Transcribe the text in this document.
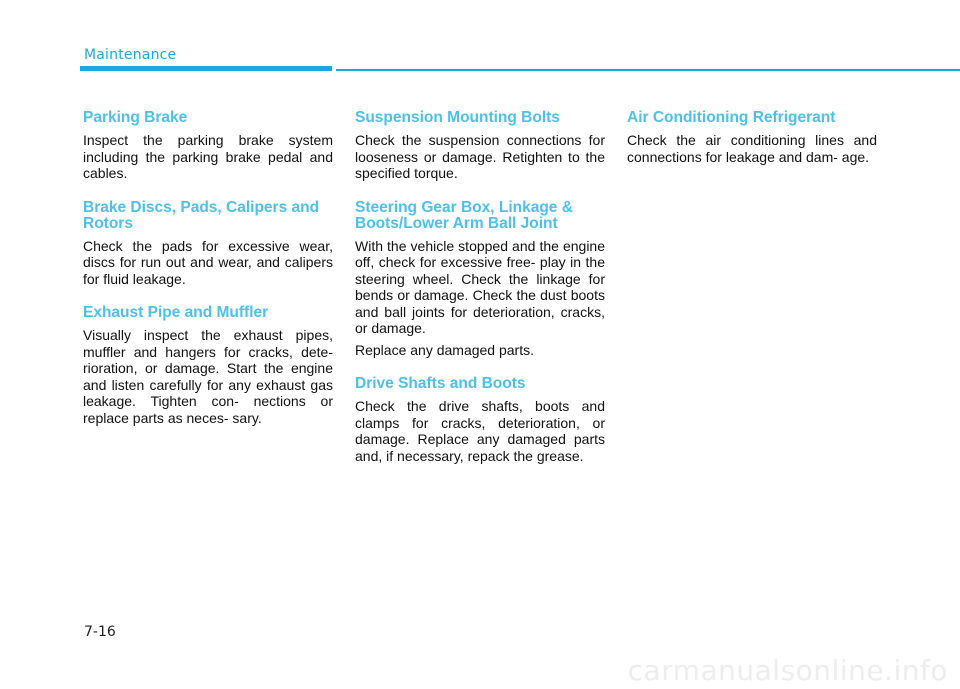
Maintenance
Parking Brake

Inspect the parking brake system including the parking brake pedal and cables.

Brake Discs, Pads, Calipers and Rotors

Check the pads for excessive wear, discs for run out and wear, and calipers for fluid leakage.

Exhaust Pipe and Muffler

Visually inspect the exhaust pipes, muffler and hangers for cracks, dete- rioration, or damage. Start the engine and listen carefully for any exhaust gas leakage. Tighten con- nections or replace parts as neces- sary.

Suspension Mounting Bolts

Check the suspension connections for looseness or damage. Retighten to the specified torque.

Steering Gear Box, Linkage & Boots/Lower Arm Ball Joint

With the vehicle stopped and the engine off, check for excessive free- play in the steering wheel. Check the linkage for bends or damage. Check the dust boots and ball joints for deterioration, cracks, or damage.

Replace any damaged parts.

Drive Shafts and Boots

Check the drive shafts, boots and clamps for cracks, deterioration, or damage. Replace any damaged parts and, if necessary, repack the grease.

Air Conditioning Refrigerant

Check the air conditioning lines and connections for leakage and dam- age.

7-16
carmanualsonline.info
